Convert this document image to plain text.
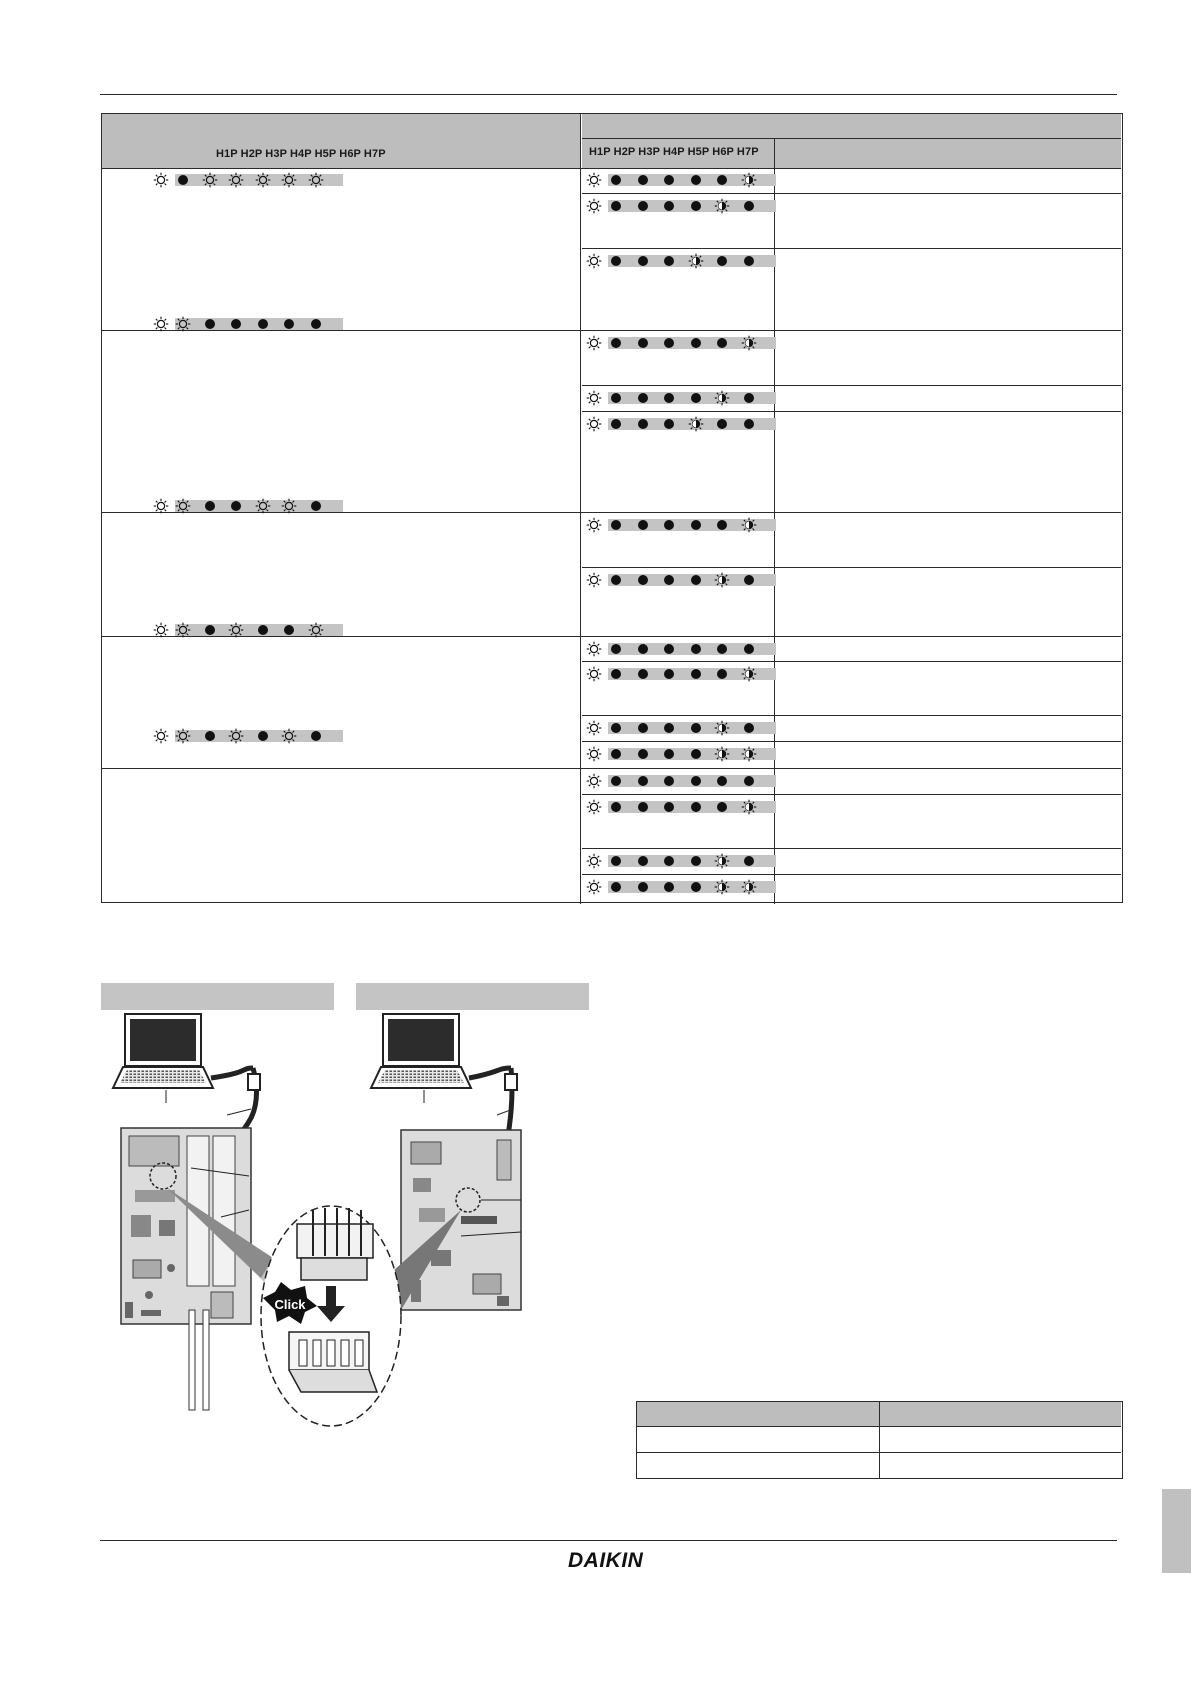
H1P H2P H3P H4P H5P H6P H7P	H1P H2P H3P H4P H5P H6P H7P
Click
DAIKIN
